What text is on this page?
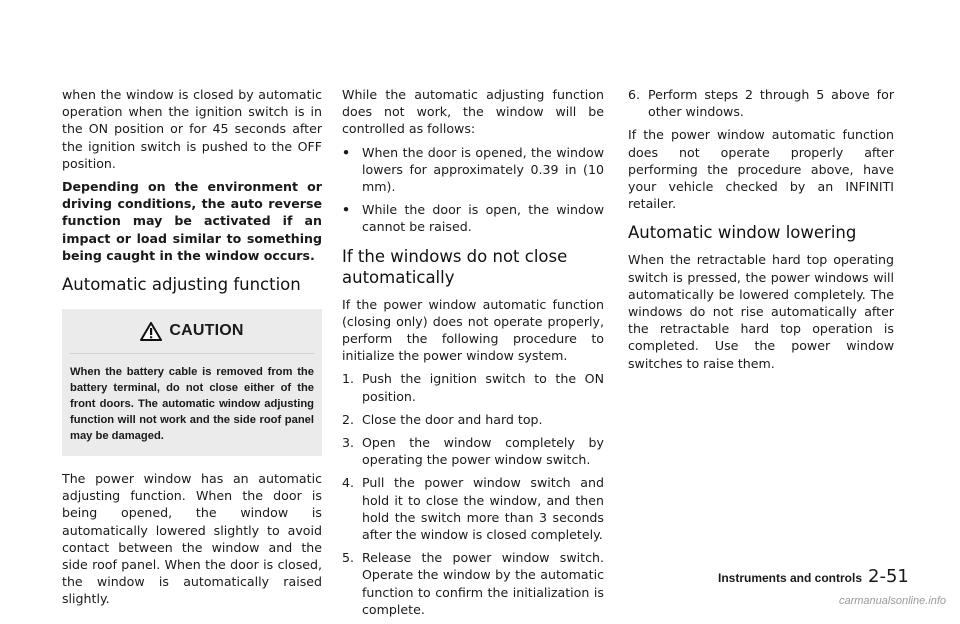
when the window is closed by automatic operation when the ignition switch is in the ON position or for 45 seconds after the ignition switch is pushed to the OFF position.

Depending on the environment or driving conditions, the auto reverse function may be activated if an impact or load similar to something being caught in the window occurs.

Automatic adjusting function
CAUTION
When the battery cable is removed from the battery terminal, do not close either of the front doors. The automatic window adjusting function will not work and the side roof panel may be damaged.

The power window has an automatic adjusting function. When the door is being opened, the window is automatically lowered slightly to avoid contact between the window and the side roof panel. When the door is closed, the window is automatically raised slightly.

While the automatic adjusting function does not work, the window will be controlled as follows:

• When the door is opened, the window lowers for approximately 0.39 in (10 mm).
• While the door is open, the window cannot be raised.
If the windows do not close automatically

If the power window automatic function (closing only) does not operate properly, perform the following procedure to initialize the power window system.

1. Push the ignition switch to the ON position.
2. Close the door and hard top.
3. Open the window completely by operating the power window switch.
4. Pull the power window switch and hold it to close the window, and then hold the switch more than 3 seconds after the window is closed completely.
5. Release the power window switch. Operate the window by the automatic function to confirm the initialization is complete.
6. Perform steps 2 through 5 above for other windows.

If the power window automatic function does not operate properly after performing the procedure above, have your vehicle checked by an INFINITI retailer.

Automatic window lowering

When the retractable hard top operating switch is pressed, the power windows will automatically be lowered completely. The windows do not rise automatically after the retractable hard top operation is completed. Use the power window switches to raise them.

Instruments and controls 2-51
carmanualsonline.info
